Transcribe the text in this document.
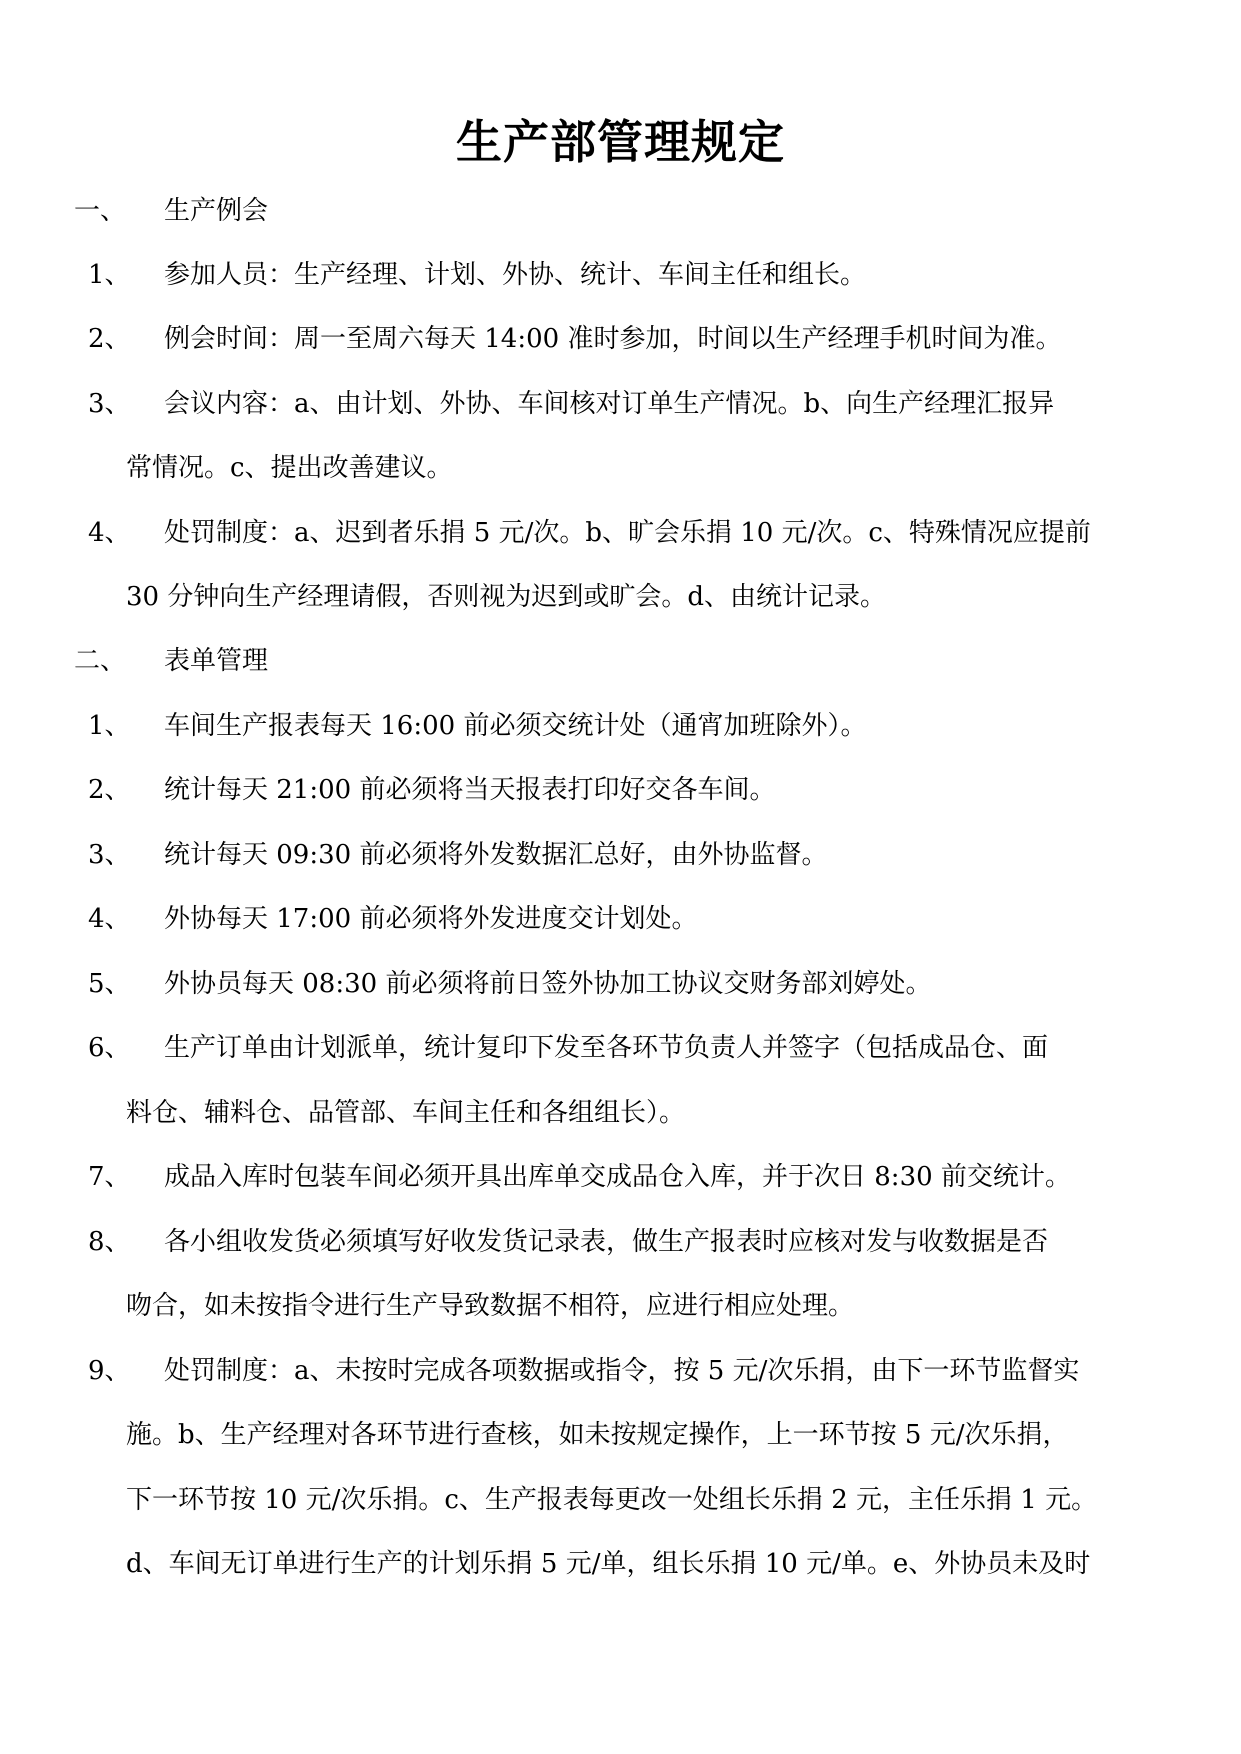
生产部管理规定
一、 生产例会
1、 参加人员：生产经理、计划、外协、统计、车间主任和组长。
2、 例会时间：周一至周六每天 14:00 准时参加，时间以生产经理手机时间为准。
3、 会议内容：a、由计划、外协、车间核对订单生产情况。b、向生产经理汇报异
常情况。c、提出改善建议。
4、 处罚制度：a、迟到者乐捐 5 元/次。b、旷会乐捐 10 元/次。c、特殊情况应提前
30 分钟向生产经理请假，否则视为迟到或旷会。d、由统计记录。
二、 表单管理
1、 车间生产报表每天 16:00 前必须交统计处（通宵加班除外）。
2、 统计每天 21:00 前必须将当天报表打印好交各车间。
3、 统计每天 09:30 前必须将外发数据汇总好，由外协监督。
4、 外协每天 17:00 前必须将外发进度交计划处。
5、 外协员每天 08:30 前必须将前日签外协加工协议交财务部刘婷处。
6、 生产订单由计划派单，统计复印下发至各环节负责人并签字（包括成品仓、面
料仓、辅料仓、品管部、车间主任和各组组长）。
7、 成品入库时包装车间必须开具出库单交成品仓入库，并于次日 8:30 前交统计。
8、 各小组收发货必须填写好收发货记录表，做生产报表时应核对发与收数据是否
吻合，如未按指令进行生产导致数据不相符，应进行相应处理。
9、 处罚制度：a、未按时完成各项数据或指令，按 5 元/次乐捐，由下一环节监督实
施。b、生产经理对各环节进行查核，如未按规定操作，上一环节按 5 元/次乐捐，
下一环节按 10 元/次乐捐。c、生产报表每更改一处组长乐捐 2 元，主任乐捐 1 元。
d、车间无订单进行生产的计划乐捐 5 元/单，组长乐捐 10 元/单。e、外协员未及时
